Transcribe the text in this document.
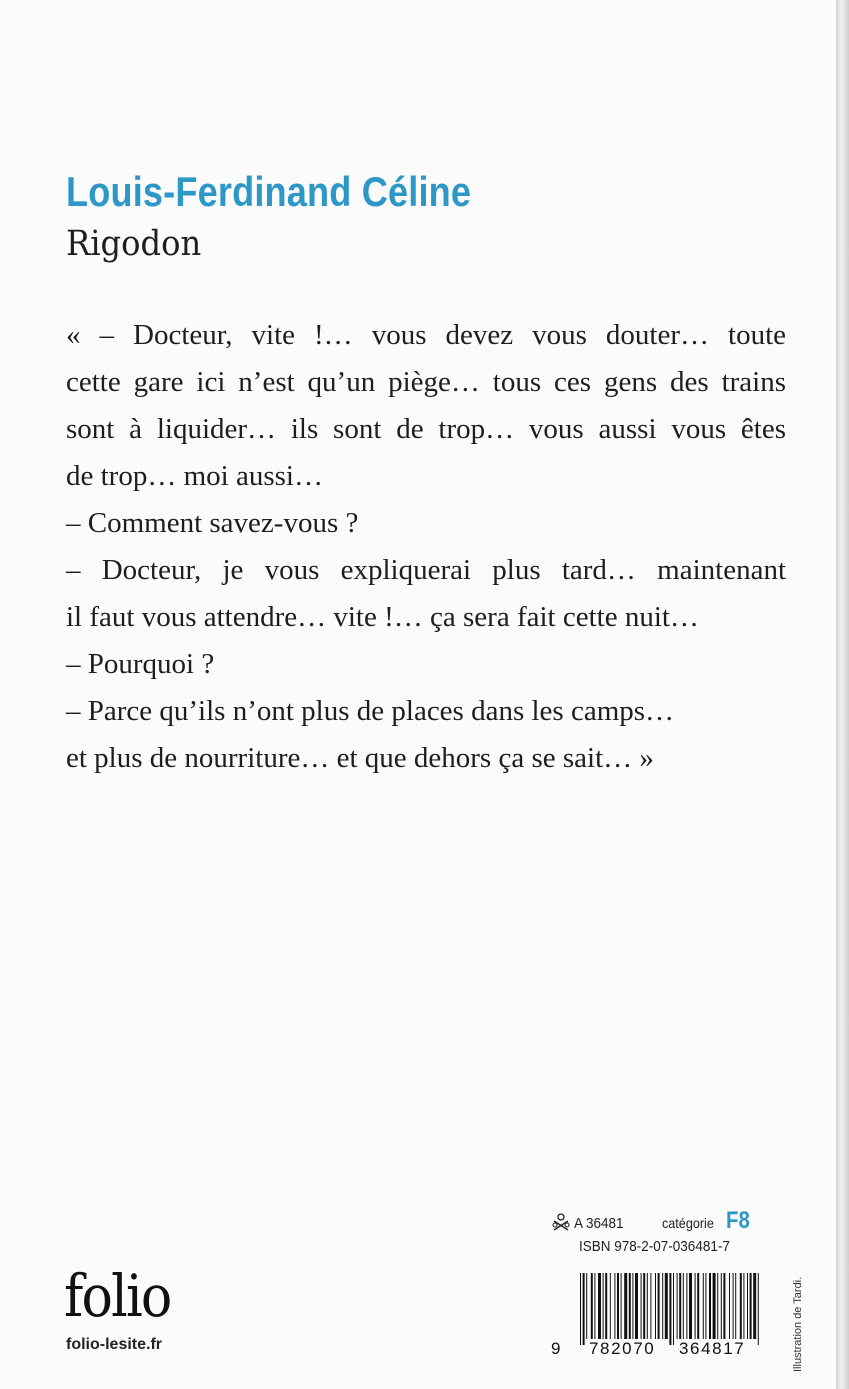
Louis-Ferdinand Céline
Rigodon
« – Docteur, vite !… vous devez vous douter… toute
cette gare ici n’est qu’un piège… tous ces gens des trains
sont à liquider… ils sont de trop… vous aussi vous êtes
de trop… moi aussi…
– Comment savez-vous ?
– Docteur, je vous expliquerai plus tard… maintenant
il faut vous attendre… vite !… ça sera fait cette nuit…
– Pourquoi ?
– Parce qu’ils n’ont plus de places dans les camps…
et plus de nourriture… et que dehors ça se sait… »
A 36481	catégorie F8
ISBN 978-2-07-036481-7
9 782070 364817
folio
folio-lesite.fr	Illustration de Tardi.
